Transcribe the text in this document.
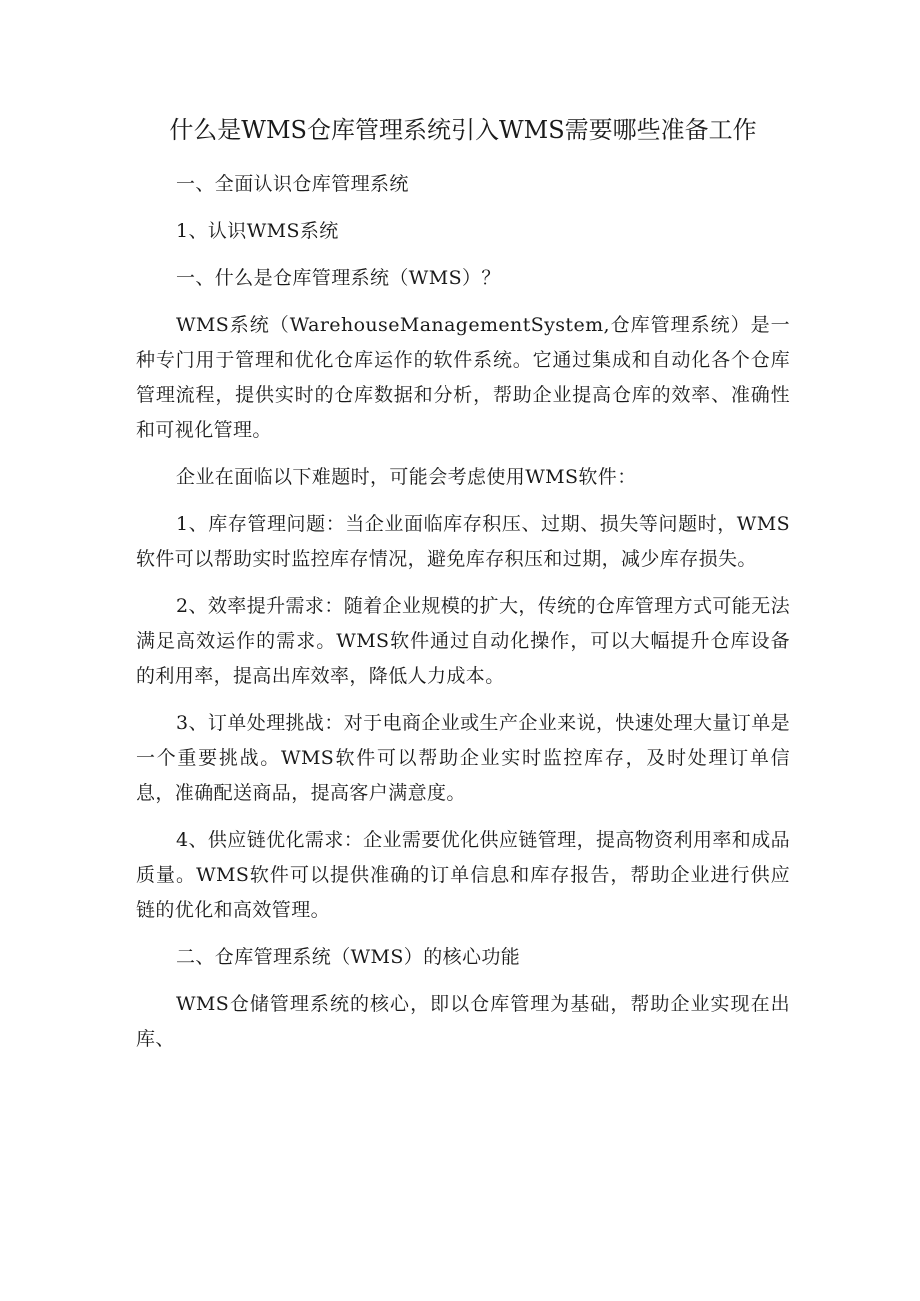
什么是WMS仓库管理系统引入WMS需要哪些准备工作

一、全面认识仓库管理系统

1、认识WMS系统

一、什么是仓库管理系统（WMS）？

WMS系统（WarehouseManagementSystem,仓库管理系统）是一种专门用于管理和优化仓库运作的软件系统。它通过集成和自动化各个仓库管理流程，提供实时的仓库数据和分析，帮助企业提高仓库的效率、准确性和可视化管理。

企业在面临以下难题时，可能会考虑使用WMS软件：

1、库存管理问题：当企业面临库存积压、过期、损失等问题时，WMS软件可以帮助实时监控库存情况，避免库存积压和过期，减少库存损失。

2、效率提升需求：随着企业规模的扩大，传统的仓库管理方式可能无法满足高效运作的需求。WMS软件通过自动化操作，可以大幅提升仓库设备的利用率，提高出库效率，降低人力成本。

3、订单处理挑战：对于电商企业或生产企业来说，快速处理大量订单是一个重要挑战。WMS软件可以帮助企业实时监控库存，及时处理订单信息，准确配送商品，提高客户满意度。

4、供应链优化需求：企业需要优化供应链管理，提高物资利用率和成品质量。WMS软件可以提供准确的订单信息和库存报告，帮助企业进行供应链的优化和高效管理。

二、仓库管理系统（WMS）的核心功能

WMS仓储管理系统的核心，即以仓库管理为基础，帮助企业实现在出库、
